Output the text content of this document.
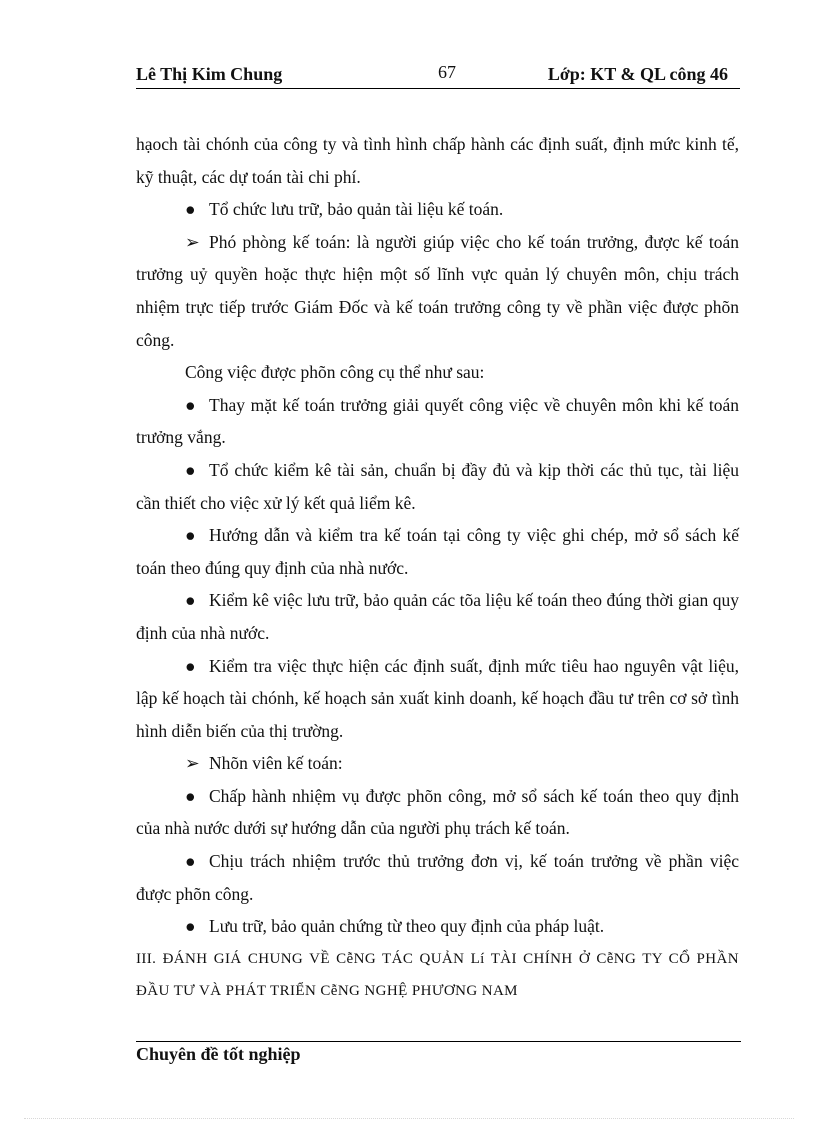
Lê Thị Kim Chung	67	Lớp: KT & QL công 46

hạoch tài chónh của công ty và tình hình chấp hành các định suất, định mức kinh tế, kỹ thuật, các dự toán tài chi phí.

● Tổ chức lưu trữ, bảo quản tài liệu kế toán.

➢ Phó phòng kế toán: là người giúp việc cho kế toán trưởng, được kế toán trưởng uỷ quyền hoặc thực hiện một số lĩnh vực quản lý chuyên môn, chịu trách nhiệm trực tiếp trước Giám Đốc và kế toán trưởng công ty về phần việc được phõn công.

Công việc được phõn công cụ thể như sau:

● Thay mặt kế toán trưởng giải quyết công việc về chuyên môn khi kế toán trưởng vắng.

● Tổ chức kiểm kê tài sản, chuẩn bị đầy đủ và kịp thời các thủ tục, tài liệu cần thiết cho việc xử lý kết quả liểm kê.

● Hướng dẫn và kiểm tra kế toán tại công ty việc ghi chép, mở sổ sách kế toán theo đúng quy định của nhà nước.

● Kiểm kê việc lưu trữ, bảo quản các tõa liệu kế toán theo đúng thời gian quy định của nhà nước.

● Kiểm tra việc thực hiện các định suất, định mức tiêu hao nguyên vật liệu, lập kế hoạch tài chónh, kế hoạch sản xuất kinh doanh, kế hoạch đầu tư trên cơ sở tình hình diễn biến của thị trường.

➢ Nhõn viên kế toán:

● Chấp hành nhiệm vụ được phõn công, mở sổ sách kế toán theo quy định của nhà nước dưới sự hướng dẫn của người phụ trách kế toán.

● Chịu trách nhiệm trước thủ trưởng đơn vị, kế toán trưởng về phần việc được phõn công.

● Lưu trữ, bảo quản chứng từ theo quy định của pháp luật.

III. ĐÁNH GIÁ CHUNG VỀ CễNG TÁC QUẢN Lí TÀI CHÍNH Ở CễNG TY CỔ PHẦN ĐẦU TƯ VÀ PHÁT TRIỂN CễNG NGHỆ PHƯƠNG NAM

Chuyên đề tốt nghiệp
